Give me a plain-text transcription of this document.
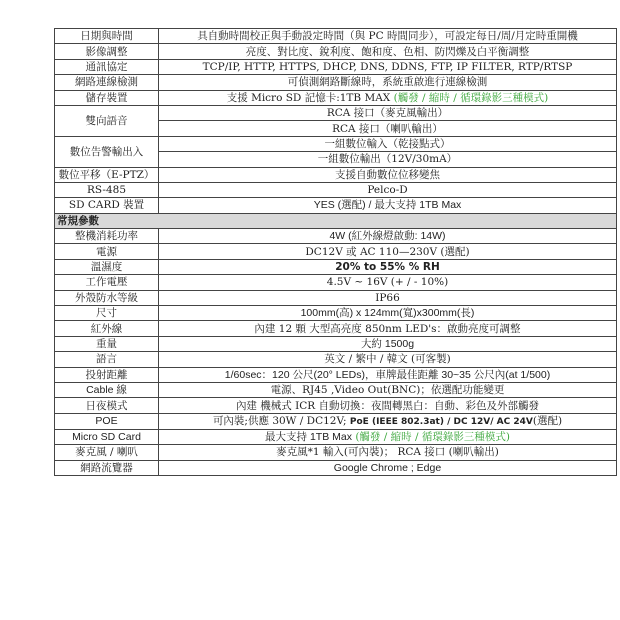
日期與時間	具自動時間校正與手動設定時間（與 PC 時間同步），可設定每日/周/月定時重開機
影像調整	亮度、對比度、銳利度、飽和度、色相、防閃爍及白平衡調整
通訊協定	TCP/IP, HTTP, HTTPS, DHCP, DNS, DDNS, FTP, IP FILTER, RTP/RTSP
網路連線檢測	可偵測網路斷線時，系統重啟進行連線檢測
儲存裝置	支援 Micro SD 記憶卡:1TB MAX (觸發 / 縮時 / 循環錄影三種模式)
雙向語音	RCA 接口（麥克風輸出）
	RCA 接口（喇叭輸出）
數位告警輸出入	一組數位輸入（乾接點式）
	一組數位輸出（12V/30mA）
數位平移（E-PTZ）	支援自動數位位移變焦
RS-485	Pelco-D
SD CARD 裝置	YES (選配) / 最大支持 1TB Max
常規參數	
整機消耗功率	4W (紅外線燈啟動: 14W)
電源	DC12V 或 AC 110—230V (選配)
溫濕度	20% to 55% % RH
工作電壓	4.5V ~ 16V (+ / - 10%)
外殼防水等級	IP66
尺寸	100mm(高) x 124mm(寬)x300mm(長)
紅外線	內建 12 顆 大型高亮度 850nm LED's：啟動亮度可調整
重量	大約 1500g
語言	英文 / 繁中 / 韓文 (可客製)
投射距離	1/60sec：120 公尺(20° LEDs)，車牌最佳距離 30~35 公尺內(at 1/500)
Cable 線	電源、RJ45 ,Video Out(BNC)；依選配功能變更
日夜模式	內建 機械式 ICR 自動切換：夜間轉黑白：自動、彩色及外部觸發
POE	可內裝;供應 30W / DC12V; PoE (IEEE 802.3at) / DC 12V/ AC 24V(選配)
Micro SD Card	最大支持 1TB Max (觸發 / 縮時 / 循環錄影三種模式)
麥克風 / 喇叭	麥克風*1 輸入(可內裝)； RCA 接口 (喇叭輸出)
網路流覽器	Google Chrome ; Edge
